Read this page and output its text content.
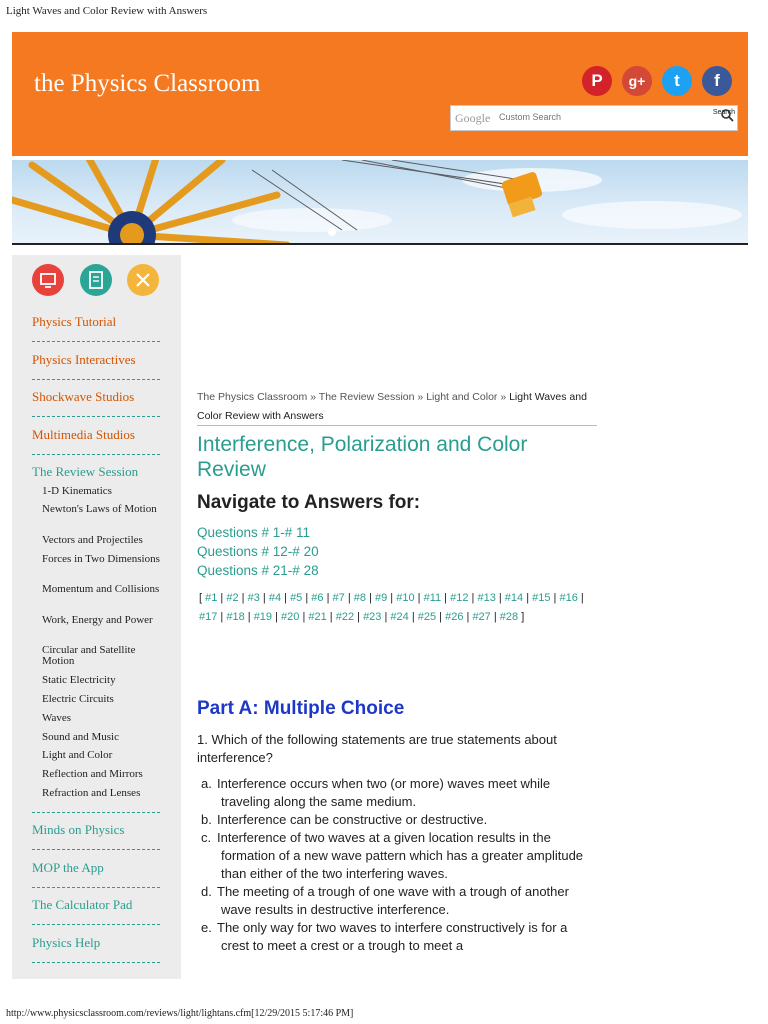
Light Waves and Color Review with Answers
the Physics Classroom	P	g+	t	f
Google
Custom Search	Search
Physics Tutorial
Physics Interactives
Shockwave Studios
Multimedia Studios
The Review Session
1-D Kinematics
Newton's Laws of Motion
Vectors and Projectiles
Forces in Two Dimensions
Momentum and Collisions
Work, Energy and Power
Circular and Satellite Motion
Static Electricity
Electric Circuits
Waves
Sound and Music
Light and Color
Reflection and Mirrors
Refraction and Lenses
Minds on Physics
MOP the App
The Calculator Pad
Physics Help
The Physics Classroom » The Review Session » Light and Color » Light Waves and Color Review with Answers
Interference, Polarization and Color Review
Navigate to Answers for:
Questions # 1-# 11
Questions # 12-# 20
Questions # 21-# 28
[ #1 | #2 | #3 | #4 | #5 | #6 | #7 | #8 | #9 | #10 | #11 | #12 | #13 | #14 | #15 | #16 | #17 | #18 | #19 | #20 | #21 | #22 | #23 | #24 | #25 | #26 | #27 | #28 ]
Part A: Multiple Choice
1. Which of the following statements are true statements about interference?
a. Interference occurs when two (or more) waves meet while traveling along the same medium.
b. Interference can be constructive or destructive.
c. Interference of two waves at a given location results in the formation of a new wave pattern which has a greater amplitude than either of the two interfering waves.
d. The meeting of a trough of one wave with a trough of another wave results in destructive interference.
e. The only way for two waves to interfere constructively is for a crest to meet a crest or a trough to meet a
http://www.physicsclassroom.com/reviews/light/lightans.cfm[12/29/2015 5:17:46 PM]
